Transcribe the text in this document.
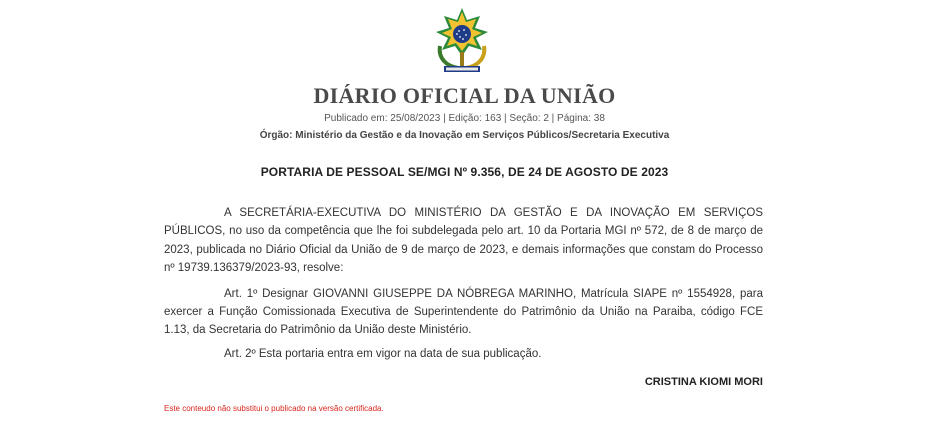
DIÁRIO OFICIAL DA UNIÃO
Publicado em: 25/08/2023 | Edição: 163 | Seção: 2 | Página: 38
Órgão: Ministério da Gestão e da Inovação em Serviços Públicos/Secretaria Executiva
PORTARIA DE PESSOAL SE/MGI Nº 9.356, DE 24 DE AGOSTO DE 2023

A SECRETÁRIA-EXECUTIVA DO MINISTÉRIO DA GESTÃO E DA INOVAÇÃO EM SERVIÇOS PÚBLICOS, no uso da competência que lhe foi subdelegada pelo art. 10 da Portaria MGI nº 572, de 8 de março de 2023, publicada no Diário Oficial da União de 9 de março de 2023, e demais informações que constam do Processo nº 19739.136379/2023-93, resolve:

Art. 1º Designar GIOVANNI GIUSEPPE DA NÓBREGA MARINHO, Matrícula SIAPE nº 1554928, para exercer a Função Comissionada Executiva de Superintendente do Patrimônio da União na Paraiba, código FCE 1.13, da Secretaria do Patrimônio da União deste Ministério.

Art. 2º Esta portaria entra em vigor na data de sua publicação.

CRISTINA KIOMI MORI
Este conteudo não substitui o publicado na versão certificada.
